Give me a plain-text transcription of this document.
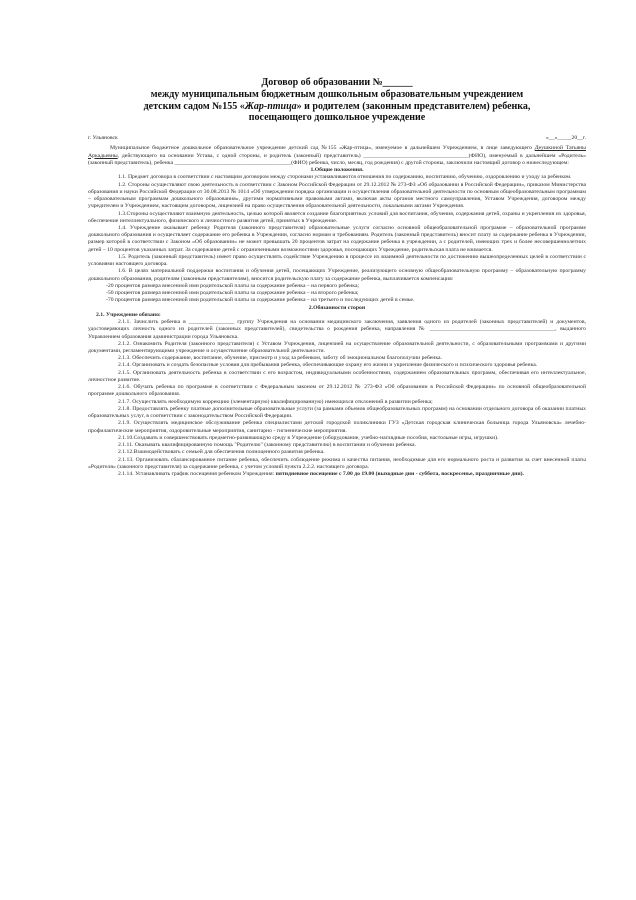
Договор об образовании №______
между муниципальным бюджетным дошкольным образовательным учреждением
детским садом №155 «Жар-птица» и родителем (законным представителем) ребенка,
посещающего дошкольное учреждение
г. Ульяновск	«__»_____20__г.

Муниципальное бюджетное дошкольное образовательное учреждение детский сад №155 «Жар-птица», именуемое в дальнейшем Учреждением, в лице заведующего Деушкиной Татьяны Аркадьевны, действующего на основании Устава, с одной стороны, и родитель (законный) представитель) _____________________________________(ФИО), именуемый в дальнейшем «Родитель» (законный представитель), ребенка _________________________________________(ФИО) ребенка, число, месяц, год рождения) с другой стороны, заключили настоящий договор о нижеследующем:

1.Общие положения.

1.1. Предмет договора в соответствии с настоящим договором между сторонами устанавливаются отношения по содержанию, воспитанию, обучению, оздоровлению и уходу за ребенком.

1.2. Стороны осуществляют свою деятельность в соответствии с Законом Российской Федерации от 29.12.2012 № 273-ФЗ «Об образовании в Российской Федерации», приказом Министерства образования и науки Российской Федерации от 30.08.2013 № 1014 «Об утверждении порядка организации и осуществления образовательной деятельности по основным общеобразовательным программам – образовательным программам дошкольного образования», другими нормативными правовыми актами, включая акты органов местного самоуправления, Уставом Учреждения, договором между учредителем и Учреждением, настоящим договором, лицензией на право осуществления образовательной деятельности, локальными актами Учреждения.

1.3.Стороны осуществляют взаимную деятельность, целью которой является создание благоприятных условий для воспитания, обучения, содержания детей, охраны и укрепления их здоровья, обеспечение интеллектуального, физического и личностного развития детей, принятых в Учреждение.

1.4. Учреждение оказывает ребенку Родителя (законного представителя) образовательные услуги согласно основной общеобразовательной программе – образовательной программе дошкольного образования и осуществляет содержание его ребенка в Учреждении, согласно нормам и требованиям. Родитель (законный представитель) вносит плату за содержание ребенка в Учреждении, размер которой в соответствии с Законом «Об образовании» не может превышать 20 процентов затрат на содержание ребенка в учреждении, а с родителей, имеющих трех и более несовершеннолетних детей – 10 процентов указанных затрат. За содержание детей с ограниченными возможностями здоровья, посещающих Учреждение, родительская плата не взимается.

1.5. Родитель (законный представитель) имеет право осуществлять содействие Учреждению в процессе их взаимной деятельности по достижению вышеопределенных целей в соответствии с условиями настоящего договора.

1.6. В целях материальной поддержки воспитания и обучения детей, посещающих Учреждение, реализующего основную общеобразовательную программу – образовательную программу дошкольного образования, родителям (законным представителям), вносится родительскую плату за содержание ребенка, выплачивается компенсация:

-20 процентов размера внесенной ими родительской платы за содержание ребенка – на первого ребенка;

-50 процентов размера внесенной ими родительской платы за содержание ребенка – на второго ребенка;

-70 процентов размера внесенной ими родительской платы за содержание ребенка – на третьего и последующих детей в семье.

2.Обязанности сторон

2.1. Учреждение обязано:

2.1.1. Зачислить ребенка в ________________ группу Учреждения на основании медицинского заключения, заявления одного из родителей (законных представителей) и документов, удостоверяющих личность одного из родителей (законных представителей), свидетельства о рождения ребенка, направления № ____________________________________________, выданного Управлением образования администрации города Ульяновска.

2.1.2. Ознакомить Родителя (законного представителя) с Уставом Учреждения, лицензией на осуществление образовательной деятельности, с образовательными программами и другими документами, регламентирующими учреждение и осуществление образовательной деятельности.

2.1.3. Обеспечить содержание, воспитание, обучение, присмотр и уход за ребенком, заботу об эмоциональном благополучии ребенка.

2.1.4. Организовать и создать безопасные условия для пребывания ребенка, обеспечивающие охрану его жизни и укрепление физического и психического здоровья ребенка.

2.1.5. Организовать деятельность ребенка в соответствии с его возрастом, индивидуальными особенностями, содержанием образовательных программ, обеспечивая его интеллектуальное, личностное развитие.

2.1.6. Обучать ребенка по программе в соответствии с Федеральным законом от 29.12.2012 № 273-ФЗ «Об образовании в Российской Федерации» по основной общеобразовательной программе дошкольного образования.

2.1.7. Осуществлять необходимую коррекцию (элементарную) квалифицированную) имеющихся отклонений в развитии ребенка;

2.1.8. Предоставлять ребенку платные дополнительные образовательные услуги (за рамками объемов общеобразовательных программ) на основании отдельного договора об оказании платных образовательных услуг, в соответствии с законодательством Российской Федерации.

2.1.9. Осуществлять медицинское обслуживание ребенка специалистами детской городской поликлиники ГУЗ «Детская городская клиническая больница города Ульяновска» лечебно-профилактические мероприятия, оздоровительные мероприятия, санитарно - гигиенические мероприятия.

2.1.10.Создавать и совершенствовать предметно-развивающую среду в Учреждение (оборудование, учебно-наглядные пособия, настольные игры, игрушки).

2.1.11. Оказывать квалифицированную помощь "Родителю" (законному представителю) в воспитании и обучении ребенка.

2.1.12.Взаимодействовать с семьей для обеспечения полноценного развития ребенка.

2.1.13. Организовать сбалансированное питание ребенка, обеспечить соблюдение режима и качества питания, необходимые для его нормального роста и развития за счет внесенной платы «Родителя» (законного представителя) за содержание ребенка, с учетом условий пункта 2.2.2. настоящего договора.

2.1.14. Устанавливать график посещения ребенком Учреждения: пятидневное посещение с 7.00 до 19.00 (выходные дни - суббота, воскресенье, праздничные дни).
